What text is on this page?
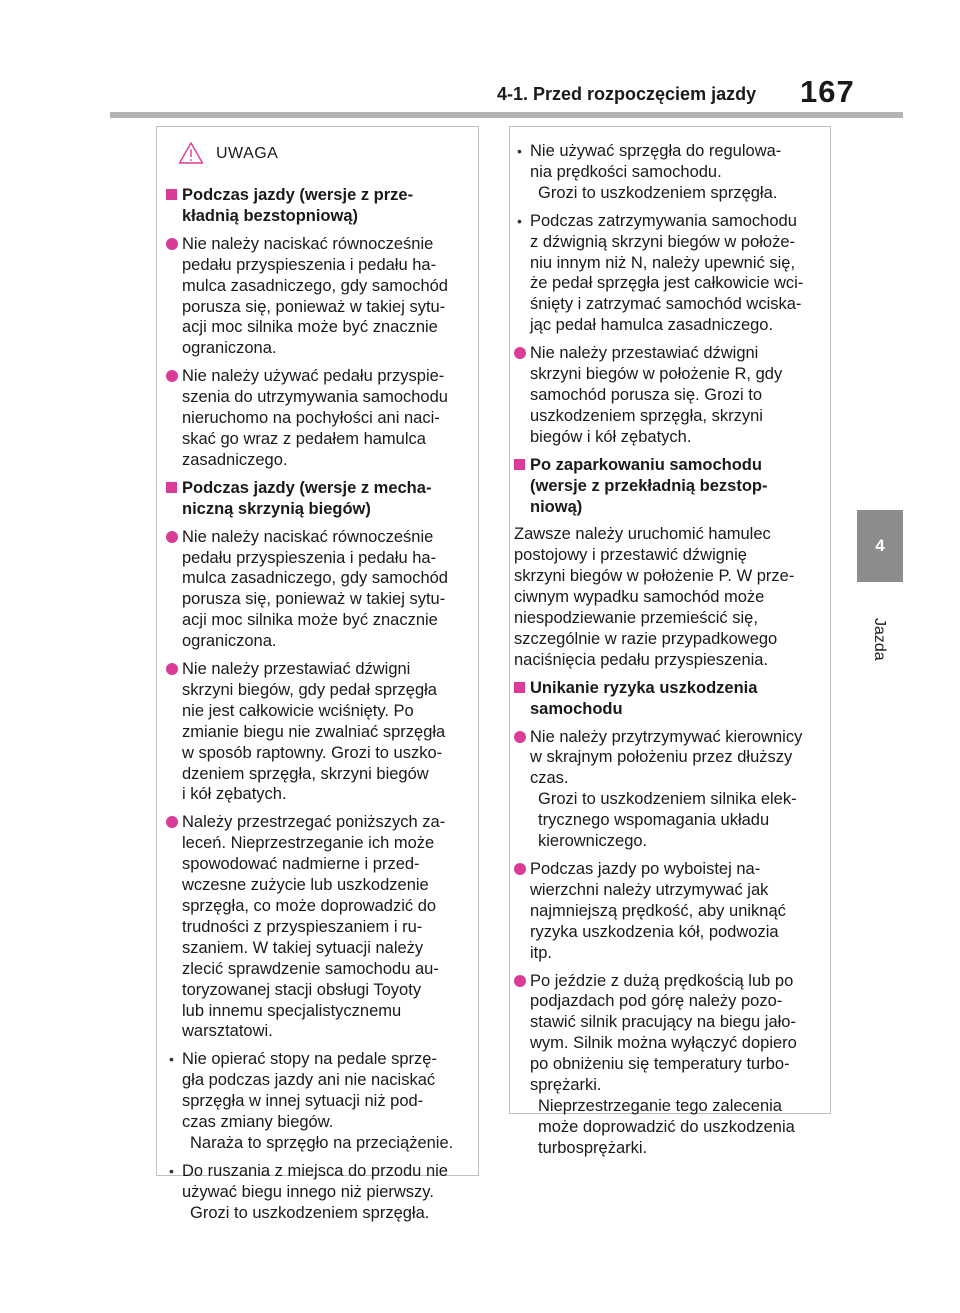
4-1. Przed rozpoczęciem jazdy 167
4
Jazda
UWAGA
Podczas jazdy (wersje z prze-
kładnią bezstopniową)
Nie należy naciskać równocześnie
pedału przyspieszenia i pedału ha-
mulca zasadniczego, gdy samochód
porusza się, ponieważ w takiej sytu-
acji moc silnika może być znacznie
ograniczona.
Nie należy używać pedału przyspie-
szenia do utrzymywania samochodu
nieruchomo na pochyłości ani naci-
skać go wraz z pedałem hamulca
zasadniczego.
Podczas jazdy (wersje z mecha-
niczną skrzynią biegów)
Nie należy naciskać równocześnie
pedału przyspieszenia i pedału ha-
mulca zasadniczego, gdy samochód
porusza się, ponieważ w takiej sytu-
acji moc silnika może być znacznie
ograniczona.
Nie należy przestawiać dźwigni
skrzyni biegów, gdy pedał sprzęgła
nie jest całkowicie wciśnięty. Po
zmianie biegu nie zwalniać sprzęgła
w sposób raptowny. Grozi to uszko-
dzeniem sprzęgła, skrzyni biegów
i kół zębatych.
Należy przestrzegać poniższych za-
leceń. Nieprzestrzeganie ich może
spowodować nadmierne i przed-
wczesne zużycie lub uszkodzenie
sprzęgła, co może doprowadzić do
trudności z przyspieszaniem i ru-
szaniem. W takiej sytuacji należy
zlecić sprawdzenie samochodu au-
toryzowanej stacji obsługi Toyoty
lub innemu specjalistycznemu
warsztatowi.
• Nie opierać stopy na pedale sprzę-
gła podczas jazdy ani nie naciskać
sprzęgła w innej sytuacji niż pod-
czas zmiany biegów.
Naraża to sprzęgło na przeciążenie.
• Do ruszania z miejsca do przodu nie
używać biegu innego niż pierwszy.
Grozi to uszkodzeniem sprzęgła.
• Nie używać sprzęgła do regulowa-
nia prędkości samochodu.
Grozi to uszkodzeniem sprzęgła.
• Podczas zatrzymywania samochodu
z dźwignią skrzyni biegów w położe-
niu innym niż N, należy upewnić się,
że pedał sprzęgła jest całkowicie wci-
śnięty i zatrzymać samochód wciska-
jąc pedał hamulca zasadniczego.
Nie należy przestawiać dźwigni
skrzyni biegów w położenie R, gdy
samochód porusza się. Grozi to
uszkodzeniem sprzęgła, skrzyni
biegów i kół zębatych.
Po zaparkowaniu samochodu
(wersje z przekładnią bezstop-
niową)
Zawsze należy uruchomić hamulec
postojowy i przestawić dźwignię
skrzyni biegów w położenie P. W prze-
ciwnym wypadku samochód może
niespodziewanie przemieścić się,
szczególnie w razie przypadkowego
naciśnięcia pedału przyspieszenia.
Unikanie ryzyka uszkodzenia
samochodu
Nie należy przytrzymywać kierownicy
w skrajnym położeniu przez dłuższy
czas.
Grozi to uszkodzeniem silnika elek-
trycznego wspomagania układu
kierowniczego.
Podczas jazdy po wyboistej na-
wierzchni należy utrzymywać jak
najmniejszą prędkość, aby uniknąć
ryzyka uszkodzenia kół, podwozia
itp.
Po jeździe z dużą prędkością lub po
podjazdach pod górę należy pozo-
stawić silnik pracujący na biegu jało-
wym. Silnik można wyłączyć dopiero
po obniżeniu się temperatury turbo-
sprężarki.
Nieprzestrzeganie tego zalecenia
może doprowadzić do uszkodzenia
turbosprężarki.
